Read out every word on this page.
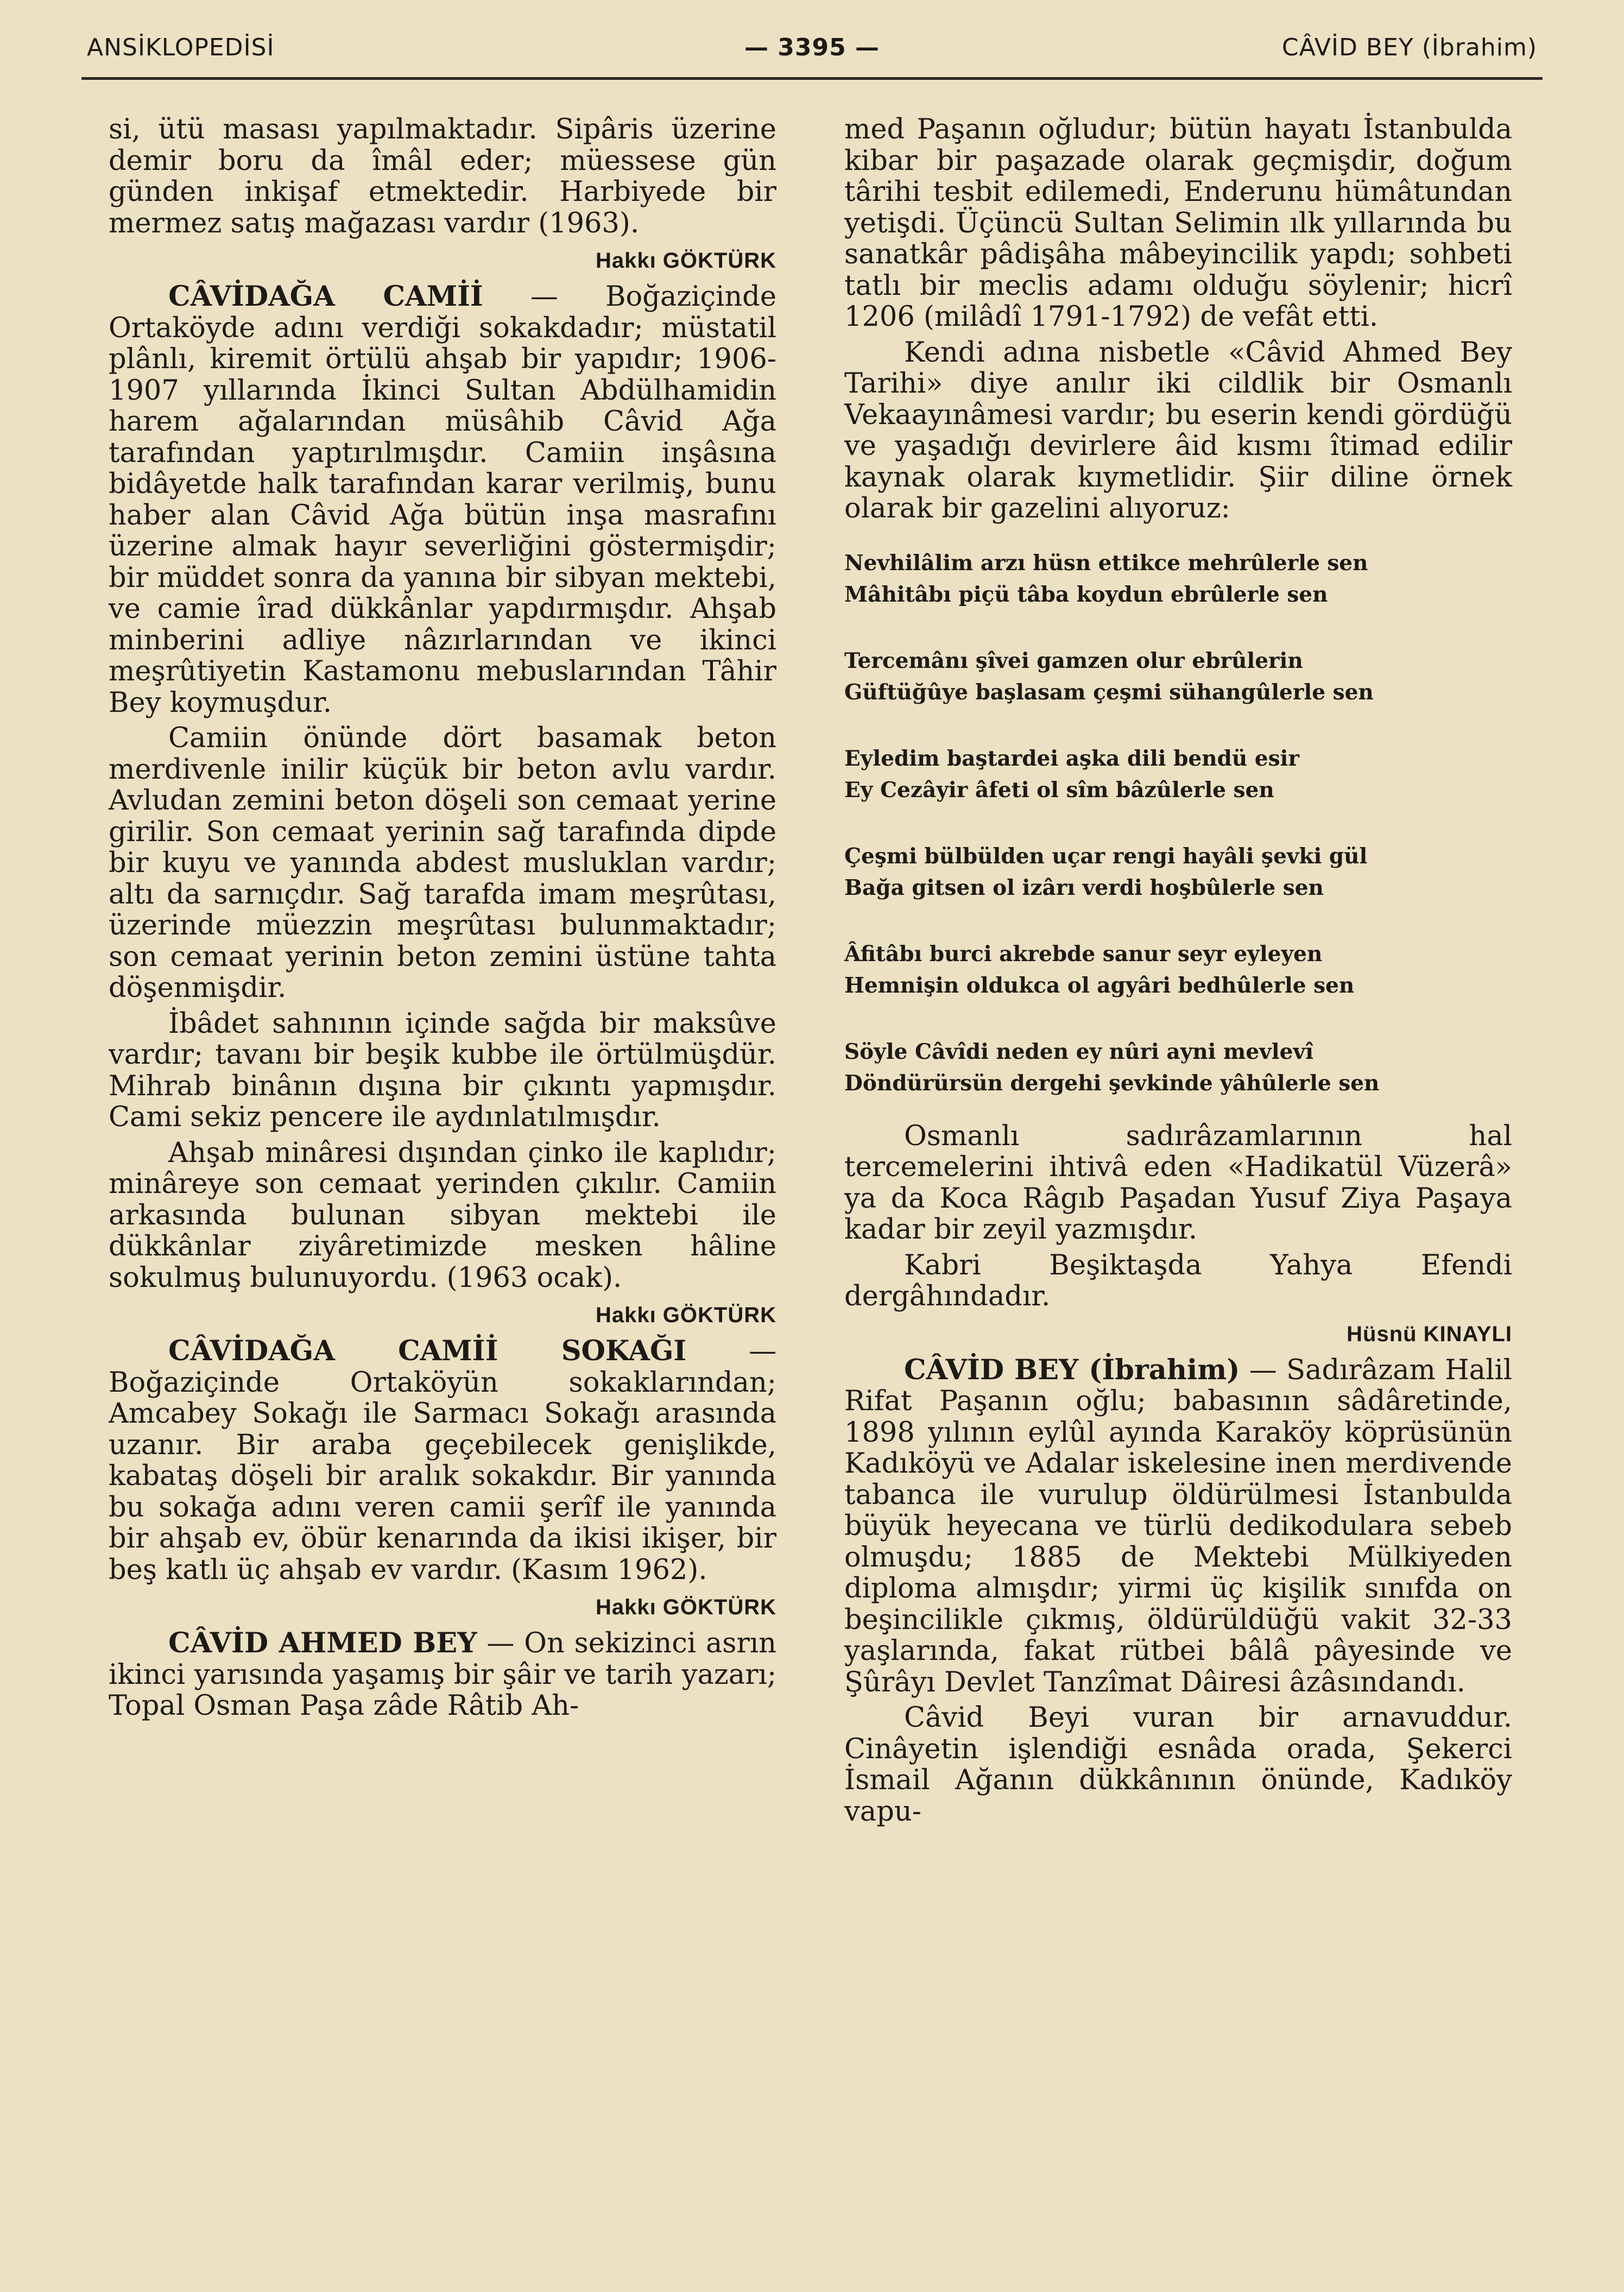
ANSİKLOPEDİSİ	— 3395 —	CÂVİD BEY (İbrahim)

si, ütü masası yapılmaktadır. Sipâris üzerine demir boru da îmâl eder; müessese gün günden inkişaf etmektedir. Harbiyede bir mermez satış mağazası vardır (1963).

Hakkı GÖKTÜRK

CÂVİDAĞA CAMİİ — Boğaziçinde Ortaköyde adını verdiği sokakdadır; müstatil plânlı, kiremit örtülü ahşab bir yapıdır; 1906-1907 yıllarında İkinci Sultan Abdülhamidin harem ağalarından müsâhib Câvid Ağa tarafından yaptırılmışdır. Camiin inşâsına bidâyetde halk tarafından karar verilmiş, bunu haber alan Câvid Ağa bütün inşa masrafını üzerine almak hayır severliğini göstermişdir; bir müddet sonra da yanına bir sibyan mektebi, ve camie îrad dükkânlar yapdırmışdır. Ahşab minberini adliye nâzırlarından ve ikinci meşrûtiyetin Kastamonu mebuslarından Tâhir Bey koymuşdur.

Camiin önünde dört basamak beton merdivenle inilir küçük bir beton avlu vardır. Avludan zemini beton döşeli son cemaat yerine girilir. Son cemaat yerinin sağ tarafında dipde bir kuyu ve yanında abdest musluklan vardır; altı da sarnıçdır. Sağ tarafda imam meşrûtası, üzerinde müezzin meşrûtası bulunmaktadır; son cemaat yerinin beton zemini üstüne tahta döşenmişdir.

İbâdet sahnının içinde sağda bir maksûve vardır; tavanı bir beşik kubbe ile örtülmüşdür. Mihrab binânın dışına bir çıkıntı yapmışdır. Cami sekiz pencere ile aydınlatılmışdır.

Ahşab minâresi dışından çinko ile kaplıdır; minâreye son cemaat yerinden çıkılır. Camiin arkasında bulunan sibyan mektebi ile dükkânlar ziyâretimizde mesken hâline sokulmuş bulunuyordu. (1963 ocak).

Hakkı GÖKTÜRK

CÂVİDAĞA CAMİİ SOKAĞI — Boğaziçinde Ortaköyün sokaklarından; Amcabey Sokağı ile Sarmacı Sokağı arasında uzanır. Bir araba geçebilecek genişlikde, kabataş döşeli bir aralık sokakdır. Bir yanında bu sokağa adını veren camii şerîf ile yanında bir ahşab ev, öbür kenarında da ikisi ikişer, bir beş katlı üç ahşab ev vardır. (Kasım 1962).

Hakkı GÖKTÜRK

CÂVİD AHMED BEY — On sekizinci asrın ikinci yarısında yaşamış bir şâir ve tarih yazarı; Topal Osman Paşa zâde Râtib Ah-

med Paşanın oğludur; bütün hayatı İstanbulda kibar bir paşazade olarak geçmişdir, doğum târihi tesbit edilemedi, Enderunu hümâtundan yetişdi. Üçüncü Sultan Selimin ılk yıllarında bu sanatkâr pâdişâha mâbeyincilik yapdı; sohbeti tatlı bir meclis adamı olduğu söylenir; hicrî 1206 (milâdî 1791-1792) de vefât etti.

Kendi adına nisbetle «Câvid Ahmed Bey Tarihi» diye anılır iki cildlik bir Osmanlı Vekaayınâmesi vardır; bu eserin kendi gördüğü ve yaşadığı devirlere âid kısmı îtimad edilir kaynak olarak kıymetlidir. Şiir diline örnek olarak bir gazelini alıyoruz:

Nevhilâlim arzı hüsn ettikce mehrûlerle sen
Mâhitâbı piçü tâba koydun ebrûlerle sen
Tercemânı şîvei gamzen olur ebrûlerin
Güftüğûye başlasam çeşmi sühangûlerle sen
Eyledim baştardei aşka dili bendü esir
Ey Cezâyir âfeti ol sîm bâzûlerle sen
Çeşmi bülbülden uçar rengi hayâli şevki gül
Bağa gitsen ol izârı verdi hoşbûlerle sen
Âfitâbı burci akrebde sanur seyr eyleyen
Hemnişin oldukca ol agyâri bedhûlerle sen
Söyle Câvîdi neden ey nûri ayni mevlevî
Döndürürsün dergehi şevkinde yâhûlerle sen

Osmanlı sadırâzamlarının hal tercemelerini ihtivâ eden «Hadikatül Vüzerâ» ya da Koca Râgıb Paşadan Yusuf Ziya Paşaya kadar bir zeyil yazmışdır.

Kabri Beşiktaşda Yahya Efendi dergâhındadır.

Hüsnü KINAYLI

CÂVİD BEY (İbrahim) — Sadırâzam Halil Rifat Paşanın oğlu; babasının sâdâretinde, 1898 yılının eylûl ayında Karaköy köprüsünün Kadıköyü ve Adalar iskelesine inen merdivende tabanca ile vurulup öldürülmesi İstanbulda büyük heyecana ve türlü dedikodulara sebeb olmuşdu; 1885 de Mektebi Mülkiyeden diploma almışdır; yirmi üç kişilik sınıfda on beşincilikle çıkmış, öldürüldüğü vakit 32-33 yaşlarında, fakat rütbei bâlâ pâyesinde ve Şûrâyı Devlet Tanzîmat Dâiresi âzâsındandı.

Câvid Beyi vuran bir arnavuddur. Cinâyetin işlendiği esnâda orada, Şekerci İsmail Ağanın dükkânının önünde, Kadıköy vapu-
